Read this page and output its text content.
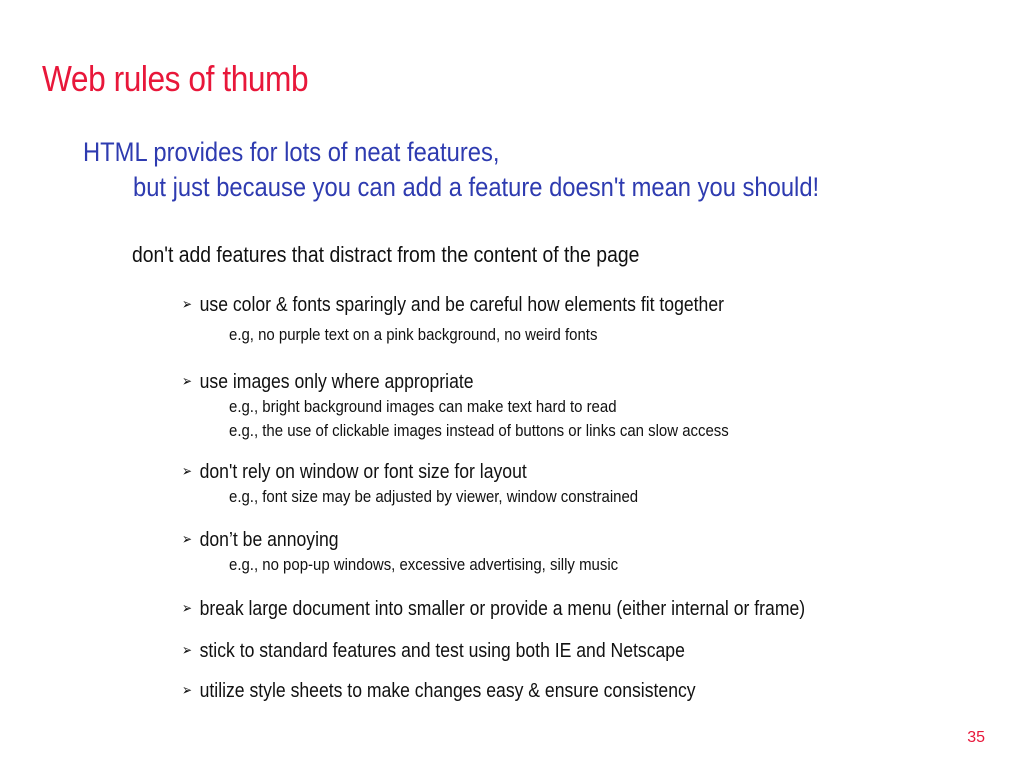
Web rules of thumb
HTML provides for lots of neat features,
but just because you can add a feature doesn't mean you should!
don't add features that distract from the content of the page
➢ use color & fonts sparingly and be careful how elements fit together
e.g, no purple text on a pink background, no weird fonts
➢ use images only where appropriate
e.g., bright background images can make text hard to read
e.g., the use of clickable images instead of buttons or links can slow access
➢ don't rely on window or font size for layout
e.g., font size may be adjusted by viewer, window constrained
➢ don’t be annoying
e.g., no pop-up windows, excessive advertising, silly music
➢ break large document into smaller or provide a menu (either internal or frame)
➢ stick to standard features and test using both IE and Netscape
➢ utilize style sheets to make changes easy & ensure consistency
35
